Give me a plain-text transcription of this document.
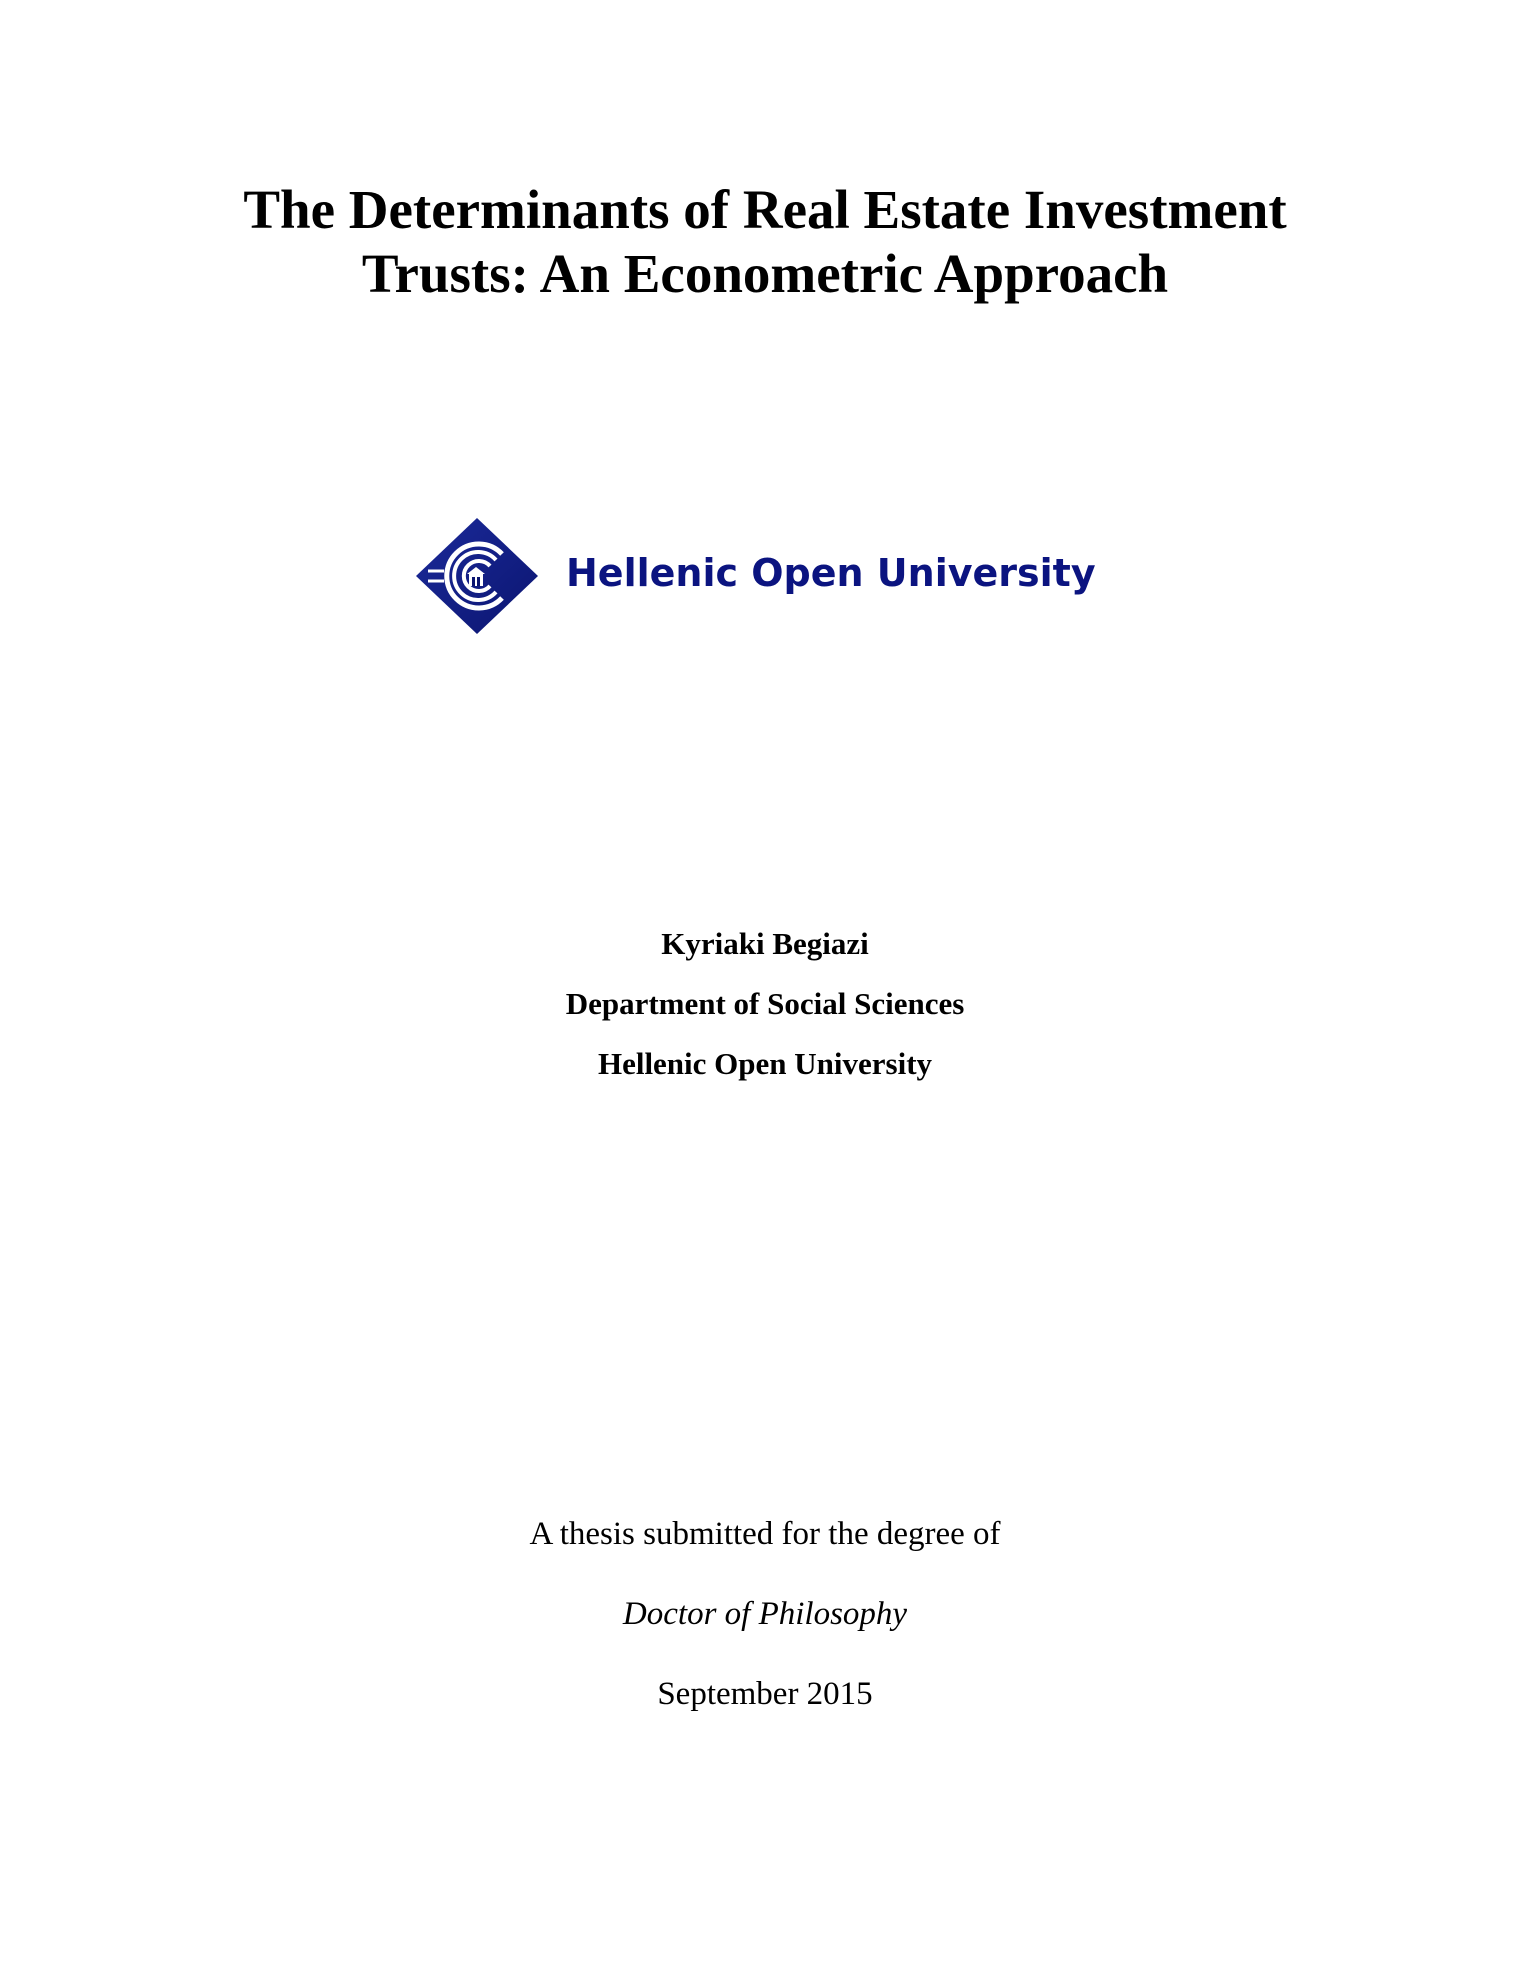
The Determinants of Real Estate Investment
Trusts: An Econometric Approach
Hellenic Open University
Kyriaki Begiazi
Department of Social Sciences
Hellenic Open University
A thesis submitted for the degree of
Doctor of Philosophy
September 2015
